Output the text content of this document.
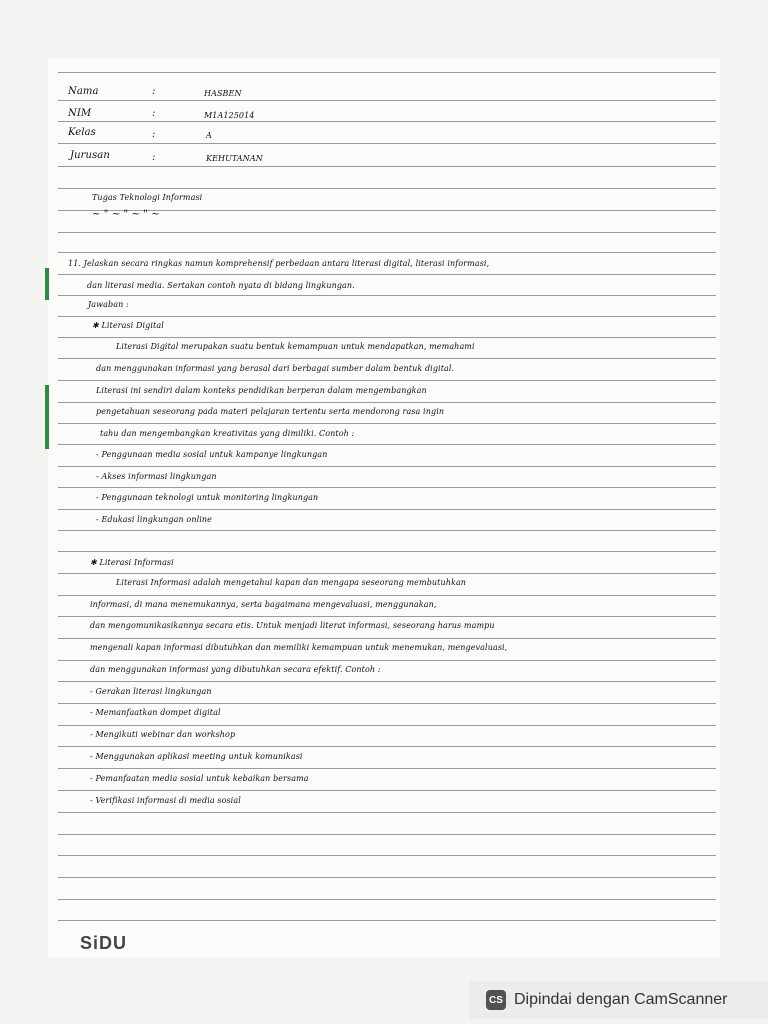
Nama	:	HASBEN
NIM	:	M1A125014
Kelas	:	A
Jurusan	:	KEHUTANAN
Tugas Teknologi Informasi
~ " ~ " ~ " ~
11. Jelaskan secara ringkas namun komprehensif perbedaan antara literasi digital, literasi informasi,
dan literasi media. Sertakan contoh nyata di bidang lingkungan.
Jawaban :
✱ Literasi Digital
Literasi Digital merupakan suatu bentuk kemampuan untuk mendapatkan, memahami
dan menggunakan informasi yang berasal dari berbagai sumber dalam bentuk digital.
Literasi ini sendiri dalam konteks pendidikan berperan dalam mengembangkan
pengetahuan seseorang pada materi pelajaran tertentu serta mendorong rasa ingin
tahu dan mengembangkan kreativitas yang dimiliki. Contoh :
- Penggunaan media sosial untuk kampanye lingkungan
- Akses informasi lingkungan
- Penggunaan teknologi untuk monitoring lingkungan
- Edukasi lingkungan online
✱ Literasi Informasi
Literasi Informasi adalah mengetahui kapan dan mengapa seseorang membutuhkan
informasi, di mana menemukannya, serta bagaimana mengevaluasi, menggunakan,
dan mengomunikasikannya secara etis. Untuk menjadi literat informasi, seseorang harus mampu
mengenali kapan informasi dibutuhkan dan memiliki kemampuan untuk menemukan, mengevaluasi,
dan menggunakan informasi yang dibutuhkan secara efektif. Contoh :
- Gerakan literasi lingkungan
- Memanfaatkan dompet digital
- Mengikuti webinar dan workshop
- Menggunakan aplikasi meeting untuk komunikasi
- Pemanfaatan media sosial untuk kebaikan bersama
- Verifikasi informasi di media sosial
SiDU
CS Dipindai dengan CamScanner
